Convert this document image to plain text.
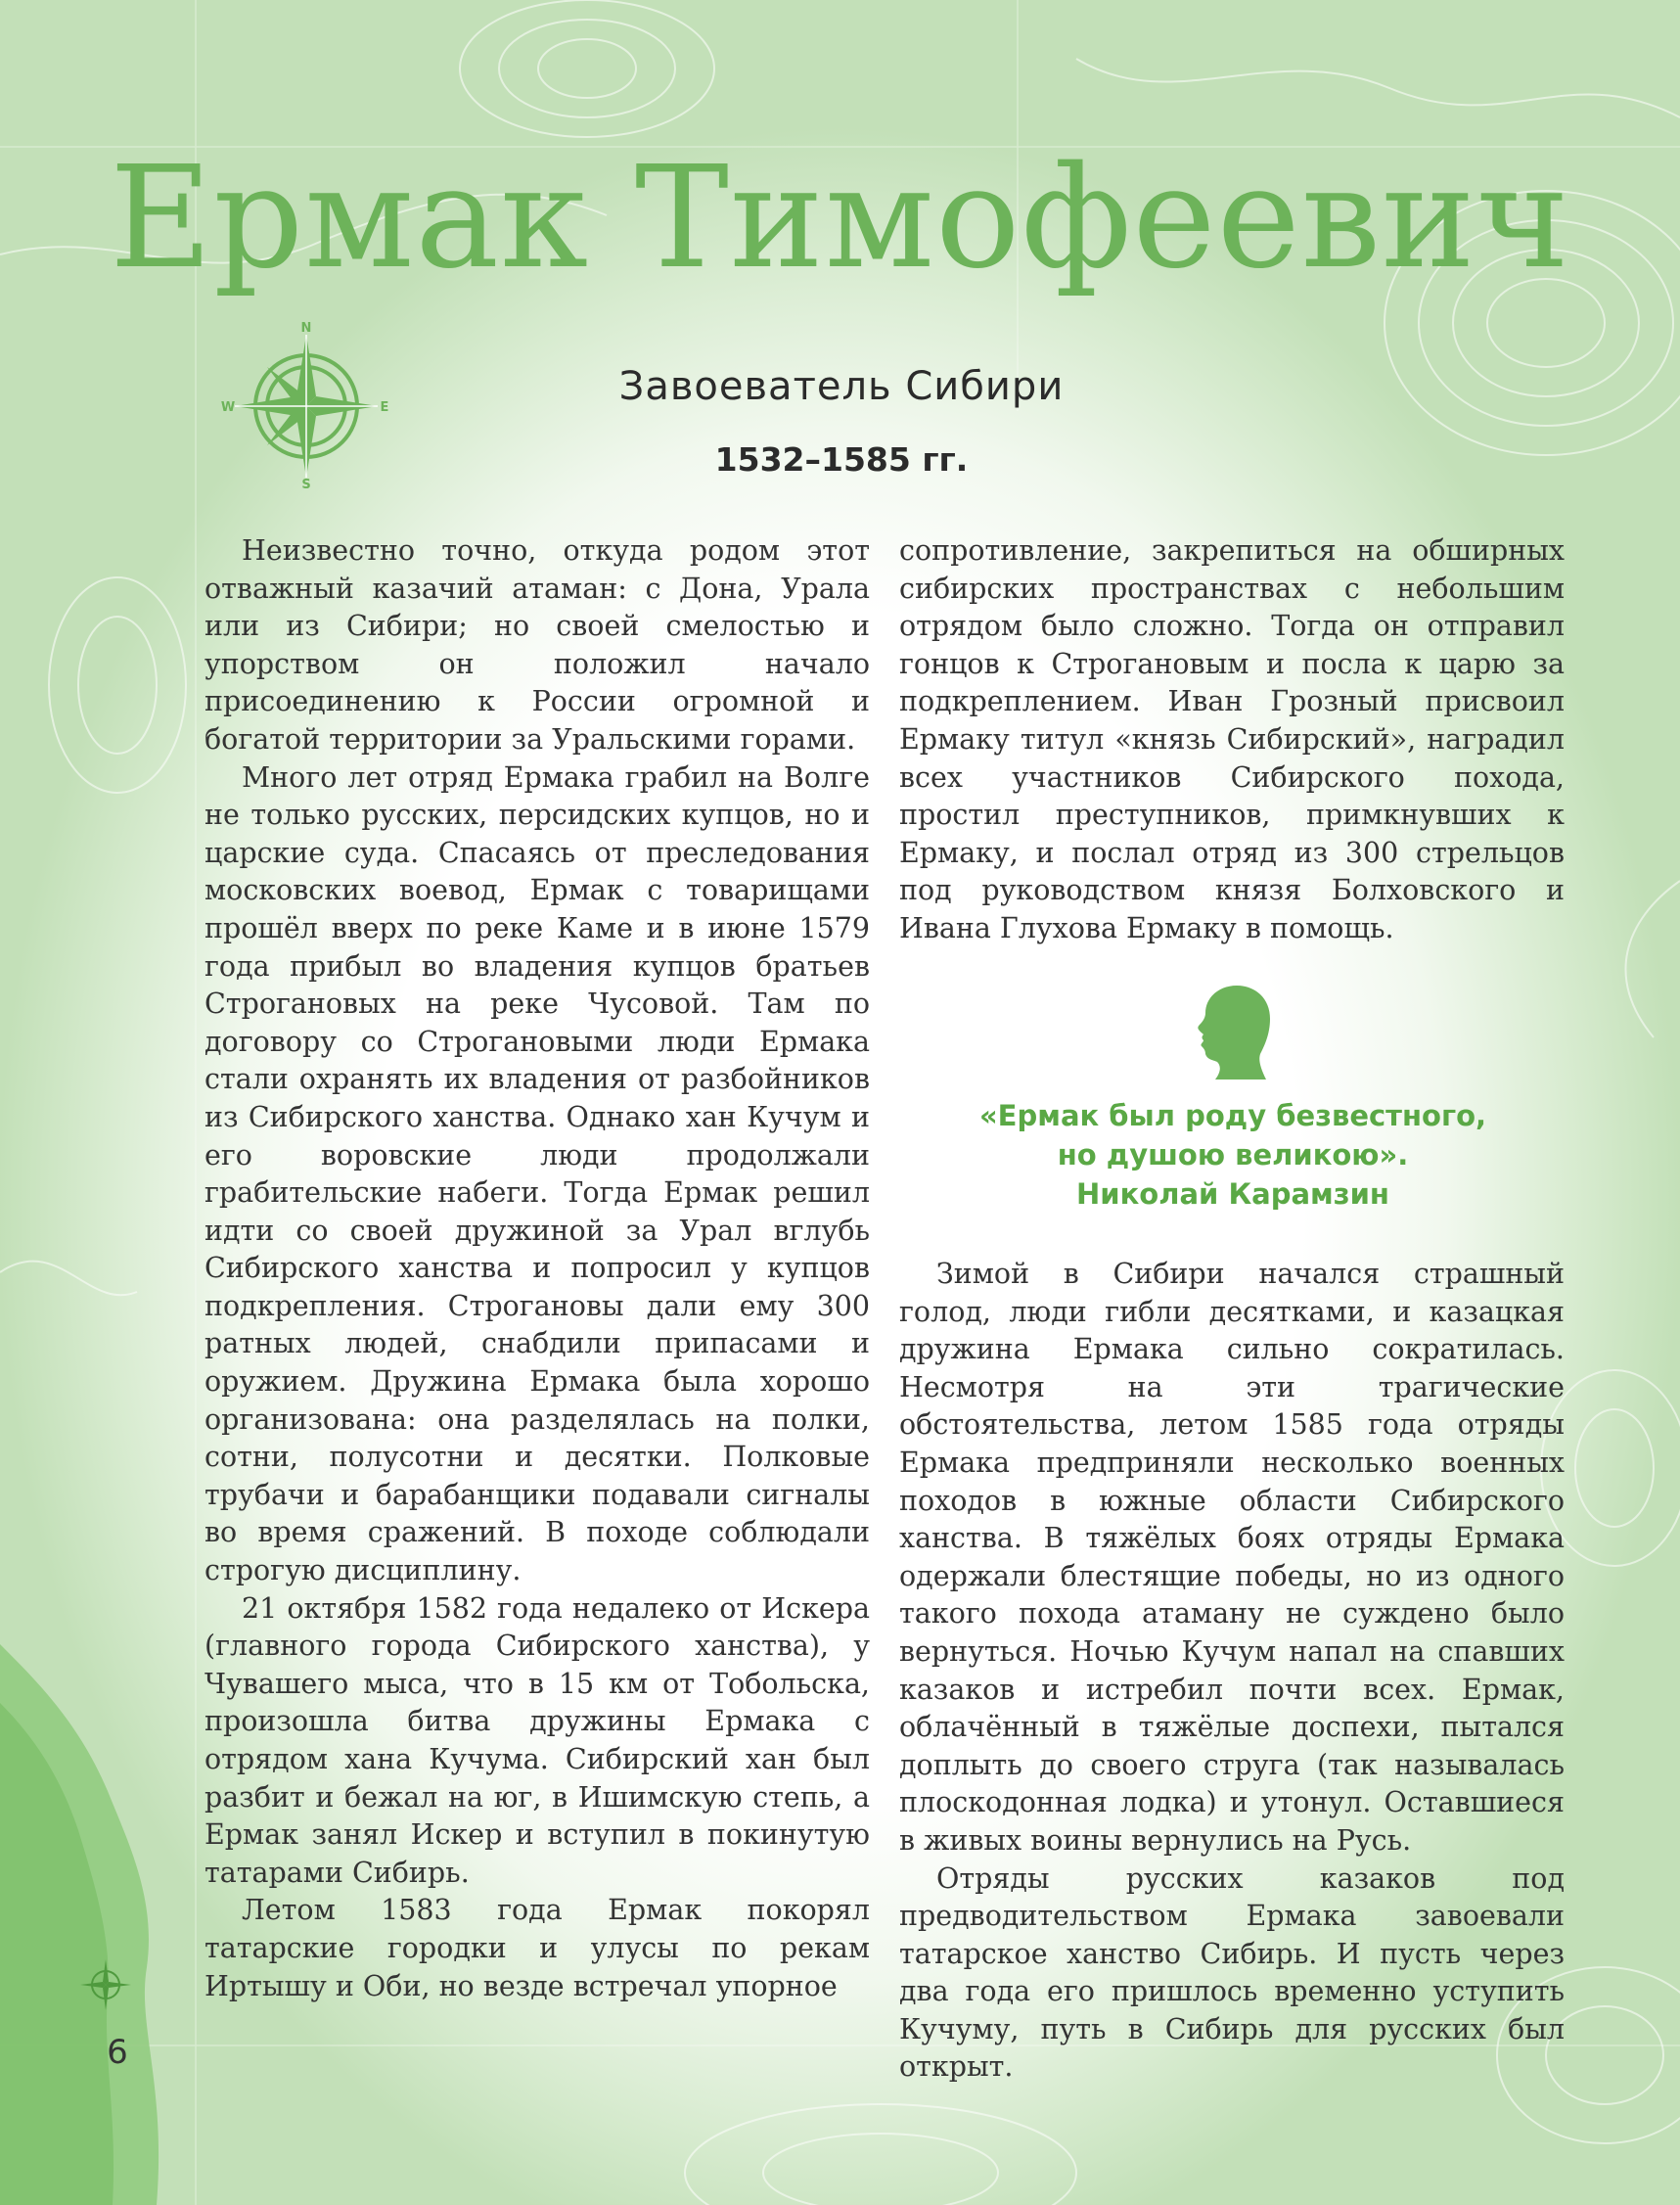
Ермак Тимофеевич
N
S
W	E	Завоеватель Сибири

1532–1585 гг.

Неизвестно точно, откуда родом этот отважный казачий атаман: с Дона, Урала или из Сибири; но своей смелостью и упорством он положил начало присоединению к России огромной и богатой территории за Уральскими горами.

Много лет отряд Ермака грабил на Волге не только русских, персидских купцов, но и царские суда. Спасаясь от преследования московских воевод, Ермак с товарищами прошёл вверх по реке Каме и в июне 1579 года прибыл во владения купцов братьев Строгановых на реке Чусовой. Там по договору со Строгановыми люди Ермака стали охранять их владения от разбойников из Сибирского ханства. Однако хан Кучум и его воровские люди продолжали грабительские набеги. Тогда Ермак решил идти со своей дружиной за Урал вглубь Сибирского ханства и попросил у купцов подкрепления. Строгановы дали ему 300 ратных людей, снабдили припасами и оружием. Дружина Ермака была хорошо организована: она разделялась на полки, сотни, полусотни и десятки. Полковые трубачи и барабанщики подавали сигналы во время сражений. В походе соблюдали строгую дисциплину.

21 октября 1582 года недалеко от Искера (главного города Сибирского ханства), у Чувашего мыса, что в 15 км от Тобольска, произошла битва дружины Ермака с отрядом хана Кучума. Сибирский хан был разбит и бежал на юг, в Ишимскую степь, а Ермак занял Искер и вступил в покинутую татарами Сибирь.

Летом 1583 года Ермак покорял татарские городки и улусы по рекам Иртышу и Оби, но везде встречал упорное

сопротивление, закрепиться на обширных сибирских пространствах с небольшим отрядом было сложно. Тогда он отправил гонцов к Строгановым и посла к царю за подкреплением. Иван Грозный присвоил Ермаку титул «князь Сибирский», наградил всех участников Сибирского похода, простил преступников, примкнувших к Ермаку, и послал отряд из 300 стрельцов под руководством князя Болховского и Ивана Глухова Ермаку в помощь.

«Ермак был роду безвестного,
но душою великою».
Николай Карамзин

Зимой в Сибири начался страшный голод, люди гибли десятками, и казацкая дружина Ермака сильно сократилась. Несмотря на эти трагические обстоятельства, летом 1585 года отряды Ермака предприняли несколько военных походов в южные области Сибирского ханства. В тяжёлых боях отряды Ермака одержали блестящие победы, но из одного такого похода атаману не суждено было вернуться. Ночью Кучум напал на спавших казаков и истребил почти всех. Ермак, облачённый в тяжёлые доспехи, пытался доплыть до своего струга (так называлась плоскодонная лодка) и утонул. Оставшиеся в живых воины вернулись на Русь.

Отряды русских казаков под предводительством Ермака завоевали татарское ханство Сибирь. И пусть через два года его пришлось временно уступить Кучуму, путь в Сибирь для русских был открыт.

6
